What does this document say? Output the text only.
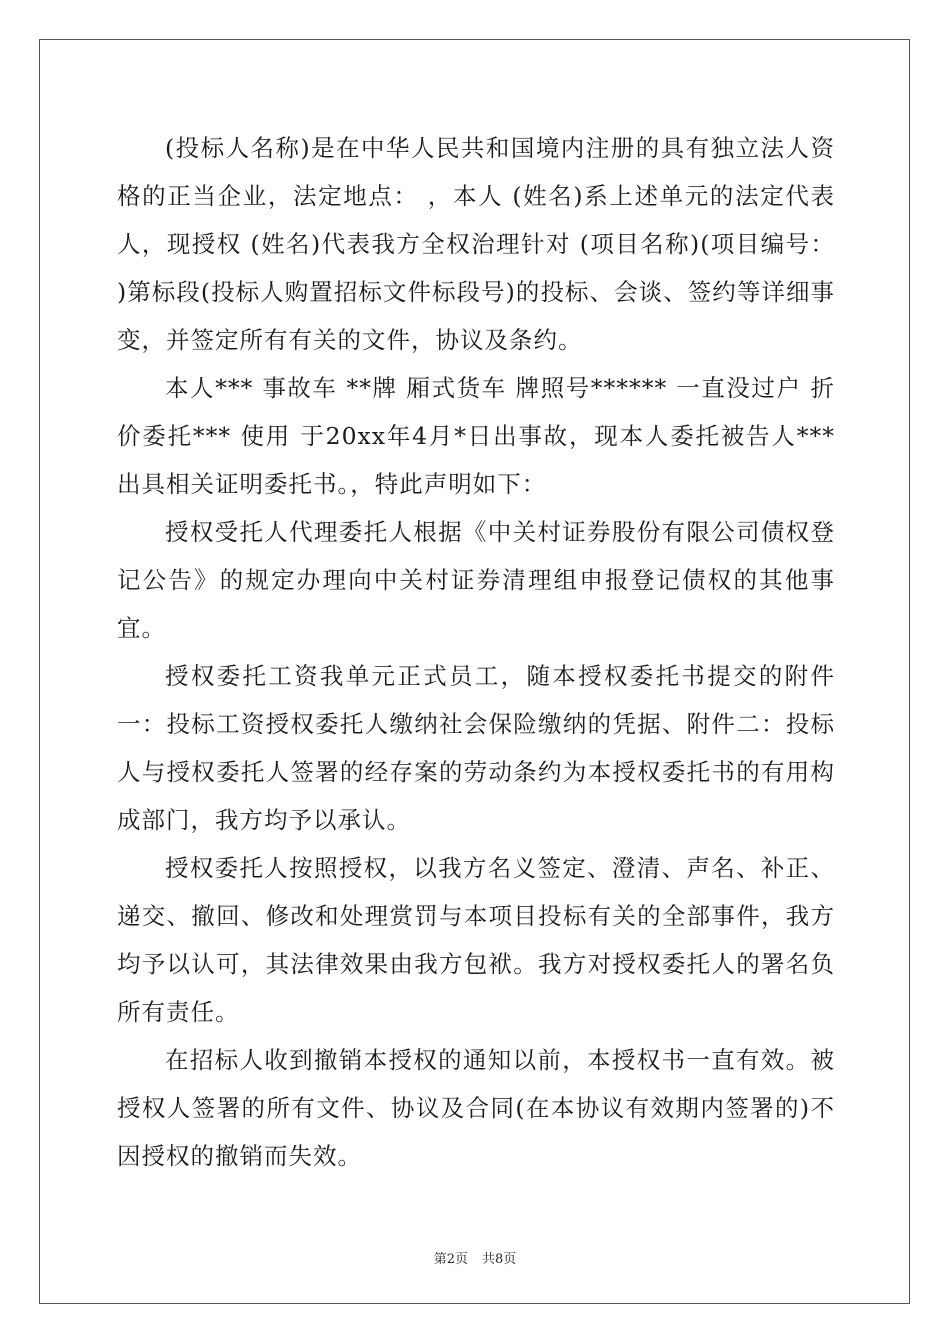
(投标人名称)是在中华人民共和国境内注册的具有独立法人资格的正当企业，法定地点： ，本人 (姓名)系上述单元的法定代表人，现授权 (姓名)代表我方全权治理针对 (项目名称)(项目编号： )第标段(投标人购置招标文件标段号)的投标、会谈、签约等详细事变，并签定所有有关的文件，协议及条约。

本人*** 事故车 **牌 厢式货车 牌照号****** 一直没过户 折价委托*** 使用 于20xx年4月*日出事故，现本人委托被告人***出具相关证明委托书。，特此声明如下：

授权受托人代理委托人根据《中关村证券股份有限公司债权登记公告》的规定办理向中关村证券清理组申报登记债权的其他事宜。

授权委托工资我单元正式员工，随本授权委托书提交的附件一：投标工资授权委托人缴纳社会保险缴纳的凭据、附件二：投标人与授权委托人签署的经存案的劳动条约为本授权委托书的有用构成部门，我方均予以承认。

授权委托人按照授权，以我方名义签定、澄清、声名、补正、递交、撤回、修改和处理赏罚与本项目投标有关的全部事件，我方均予以认可，其法律效果由我方包袱。我方对授权委托人的署名负所有责任。

在招标人收到撤销本授权的通知以前，本授权书一直有效。被授权人签署的所有文件、协议及合同(在本协议有效期内签署的)不因授权的撤销而失效。

第2页 共8页
